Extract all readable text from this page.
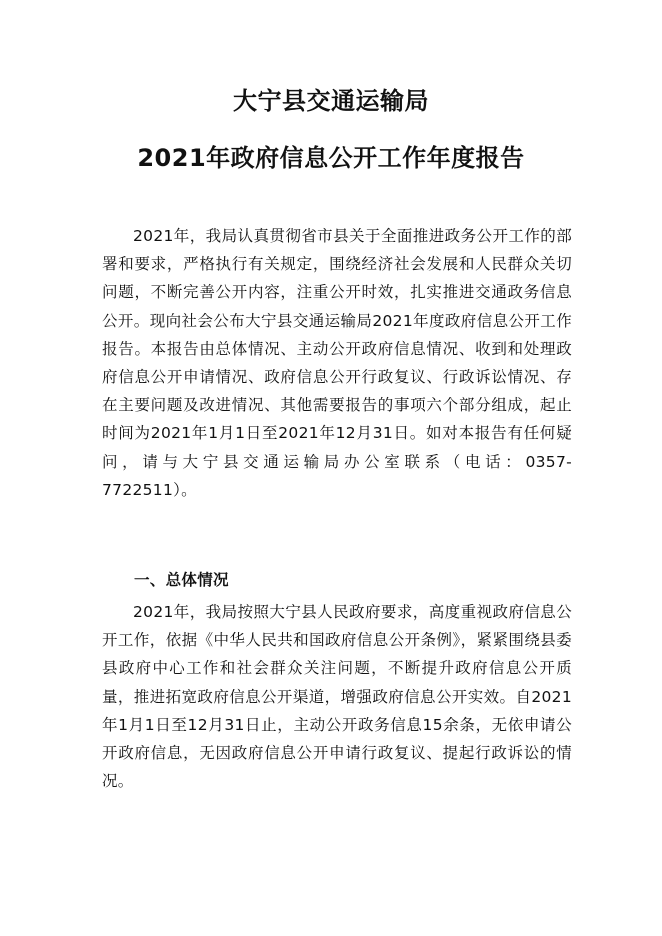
大宁县交通运输局
2021年政府信息公开工作年度报告

2021年，我局认真贯彻省市县关于全面推进政务公开工作的部署和要求，严格执行有关规定，围绕经济社会发展和人民群众关切问题，不断完善公开内容，注重公开时效，扎实推进交通政务信息公开。现向社会公布大宁县交通运输局2021年度政府信息公开工作报告。本报告由总体情况、主动公开政府信息情况、收到和处理政府信息公开申请情况、政府信息公开行政复议、行政诉讼情况、存在主要问题及改进情况、其他需要报告的事项六个部分组成，起止时间为2021年1月1日至2021年12月31日。如对本报告有任何疑问，请与大宁县交通运输局办公室联系（电话：0357-7722511）。

一、总体情况

2021年，我局按照大宁县人民政府要求，高度重视政府信息公开工作，依据《中华人民共和国政府信息公开条例》，紧紧围绕县委县政府中心工作和社会群众关注问题，不断提升政府信息公开质量，推进拓宽政府信息公开渠道，增强政府信息公开实效。自2021年1月1日至12月31日止，主动公开政务信息15余条，无依申请公开政府信息，无因政府信息公开申请行政复议、提起行政诉讼的情况。
